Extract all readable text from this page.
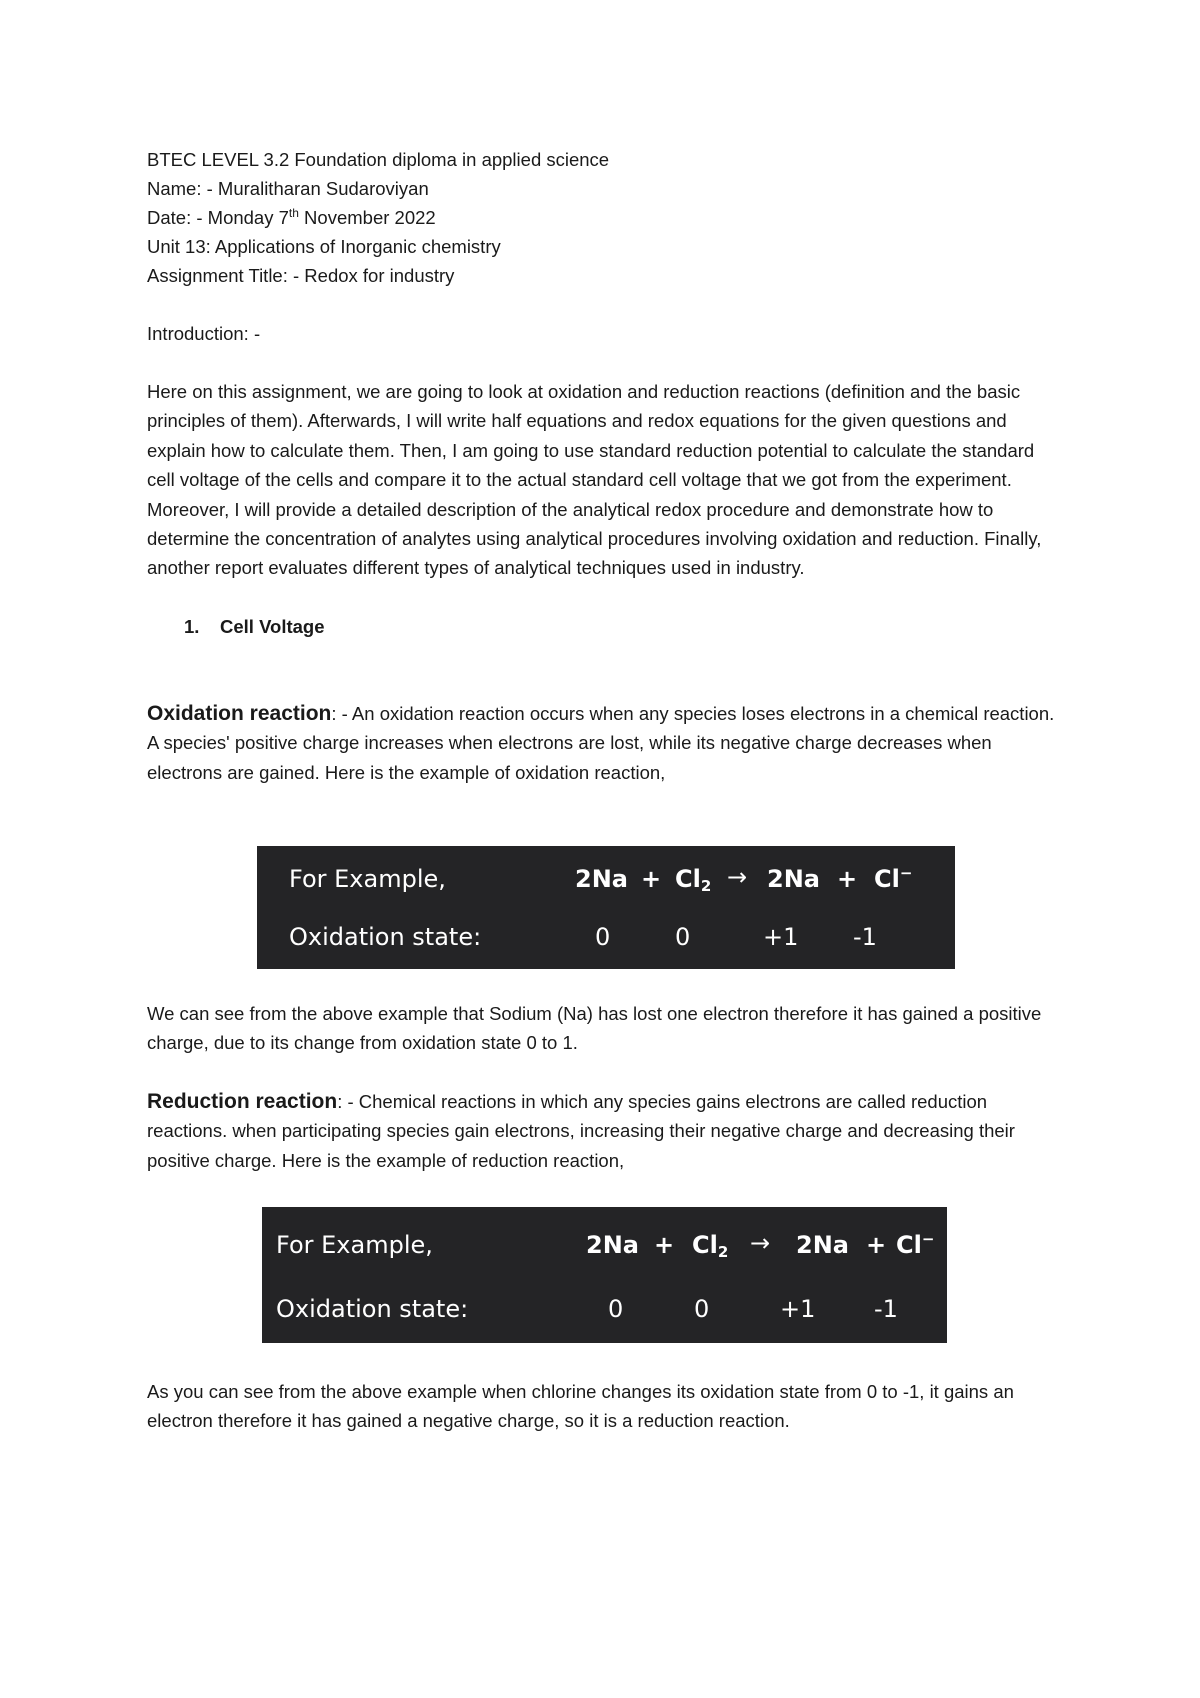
BTEC LEVEL 3.2 Foundation diploma in applied science

Name: - Muralitharan Sudaroviyan

Date: - Monday 7th November 2022

Unit 13: Applications of Inorganic chemistry

Assignment Title: - Redox for industry

Introduction: -

Here on this assignment, we are going to look at oxidation and reduction reactions (definition and the basic principles of them). Afterwards, I will write half equations and redox equations for the given questions and explain how to calculate them. Then, I am going to use standard reduction potential to calculate the standard cell voltage of the cells and compare it to the actual standard cell voltage that we got from the experiment. Moreover, I will provide a detailed description of the analytical redox procedure and demonstrate how to determine the concentration of analytes using analytical procedures involving oxidation and reduction. Finally, another report evaluates different types of analytical techniques used in industry.

1.	Cell Voltage

Oxidation reaction: - An oxidation reaction occurs when any species loses electrons in a chemical reaction. A species' positive charge increases when electrons are lost, while its negative charge decreases when electrons are gained. Here is the example of oxidation reaction,

For Example,	$2Na + Cl_2 \to 2Na + Cl^-$
Oxidation state:	0	0	+1 -1

We can see from the above example that Sodium (Na) has lost one electron therefore it has gained a positive charge, due to its change from oxidation state 0 to 1.

Reduction reaction: - Chemical reactions in which any species gains electrons are called reduction reactions. when participating species gain electrons, increasing their negative charge and decreasing their positive charge. Here is the example of reduction reaction,

For Example,	$2Na + Cl_2 \to 2Na + Cl^-$
Oxidation state:	0	0	+1 -1

As you can see from the above example when chlorine changes its oxidation state from 0 to -1, it gains an electron therefore it has gained a negative charge, so it is a reduction reaction.
